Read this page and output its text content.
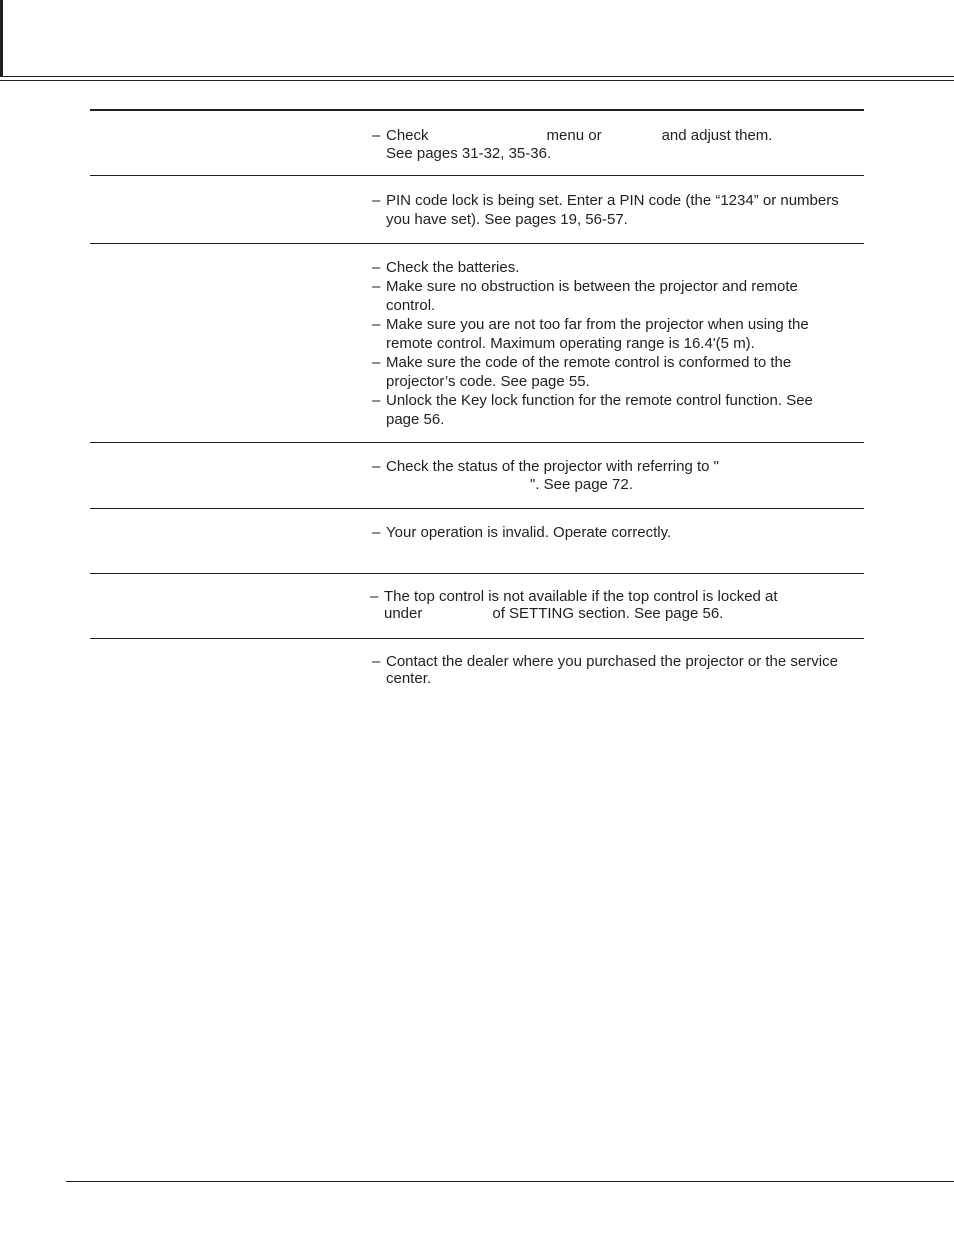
– Check	menu or	and adjust them.
See pages 31-32, 35-36.
– PIN code lock is being set. Enter a PIN code (the “1234” or numbers
you have set). See pages 19, 56-57.
– Check the batteries.
– Make sure no obstruction is between the projector and remote
control.
– Make sure you are not too far from the projector when using the
remote control. Maximum operating range is 16.4'(5 m).
– Make sure the code of the remote control is conformed to the
projector’s code. See page 55.
– Unlock the Key lock function for the remote control function. See
page 56.
– Check the status of the projector with referring to "
". See page 72.
– Your operation is invalid. Operate correctly.
– The top control is not available if the top control is locked at
under	of SETTING section. See page 56.
– Contact the dealer where you purchased the projector or the service
center.
